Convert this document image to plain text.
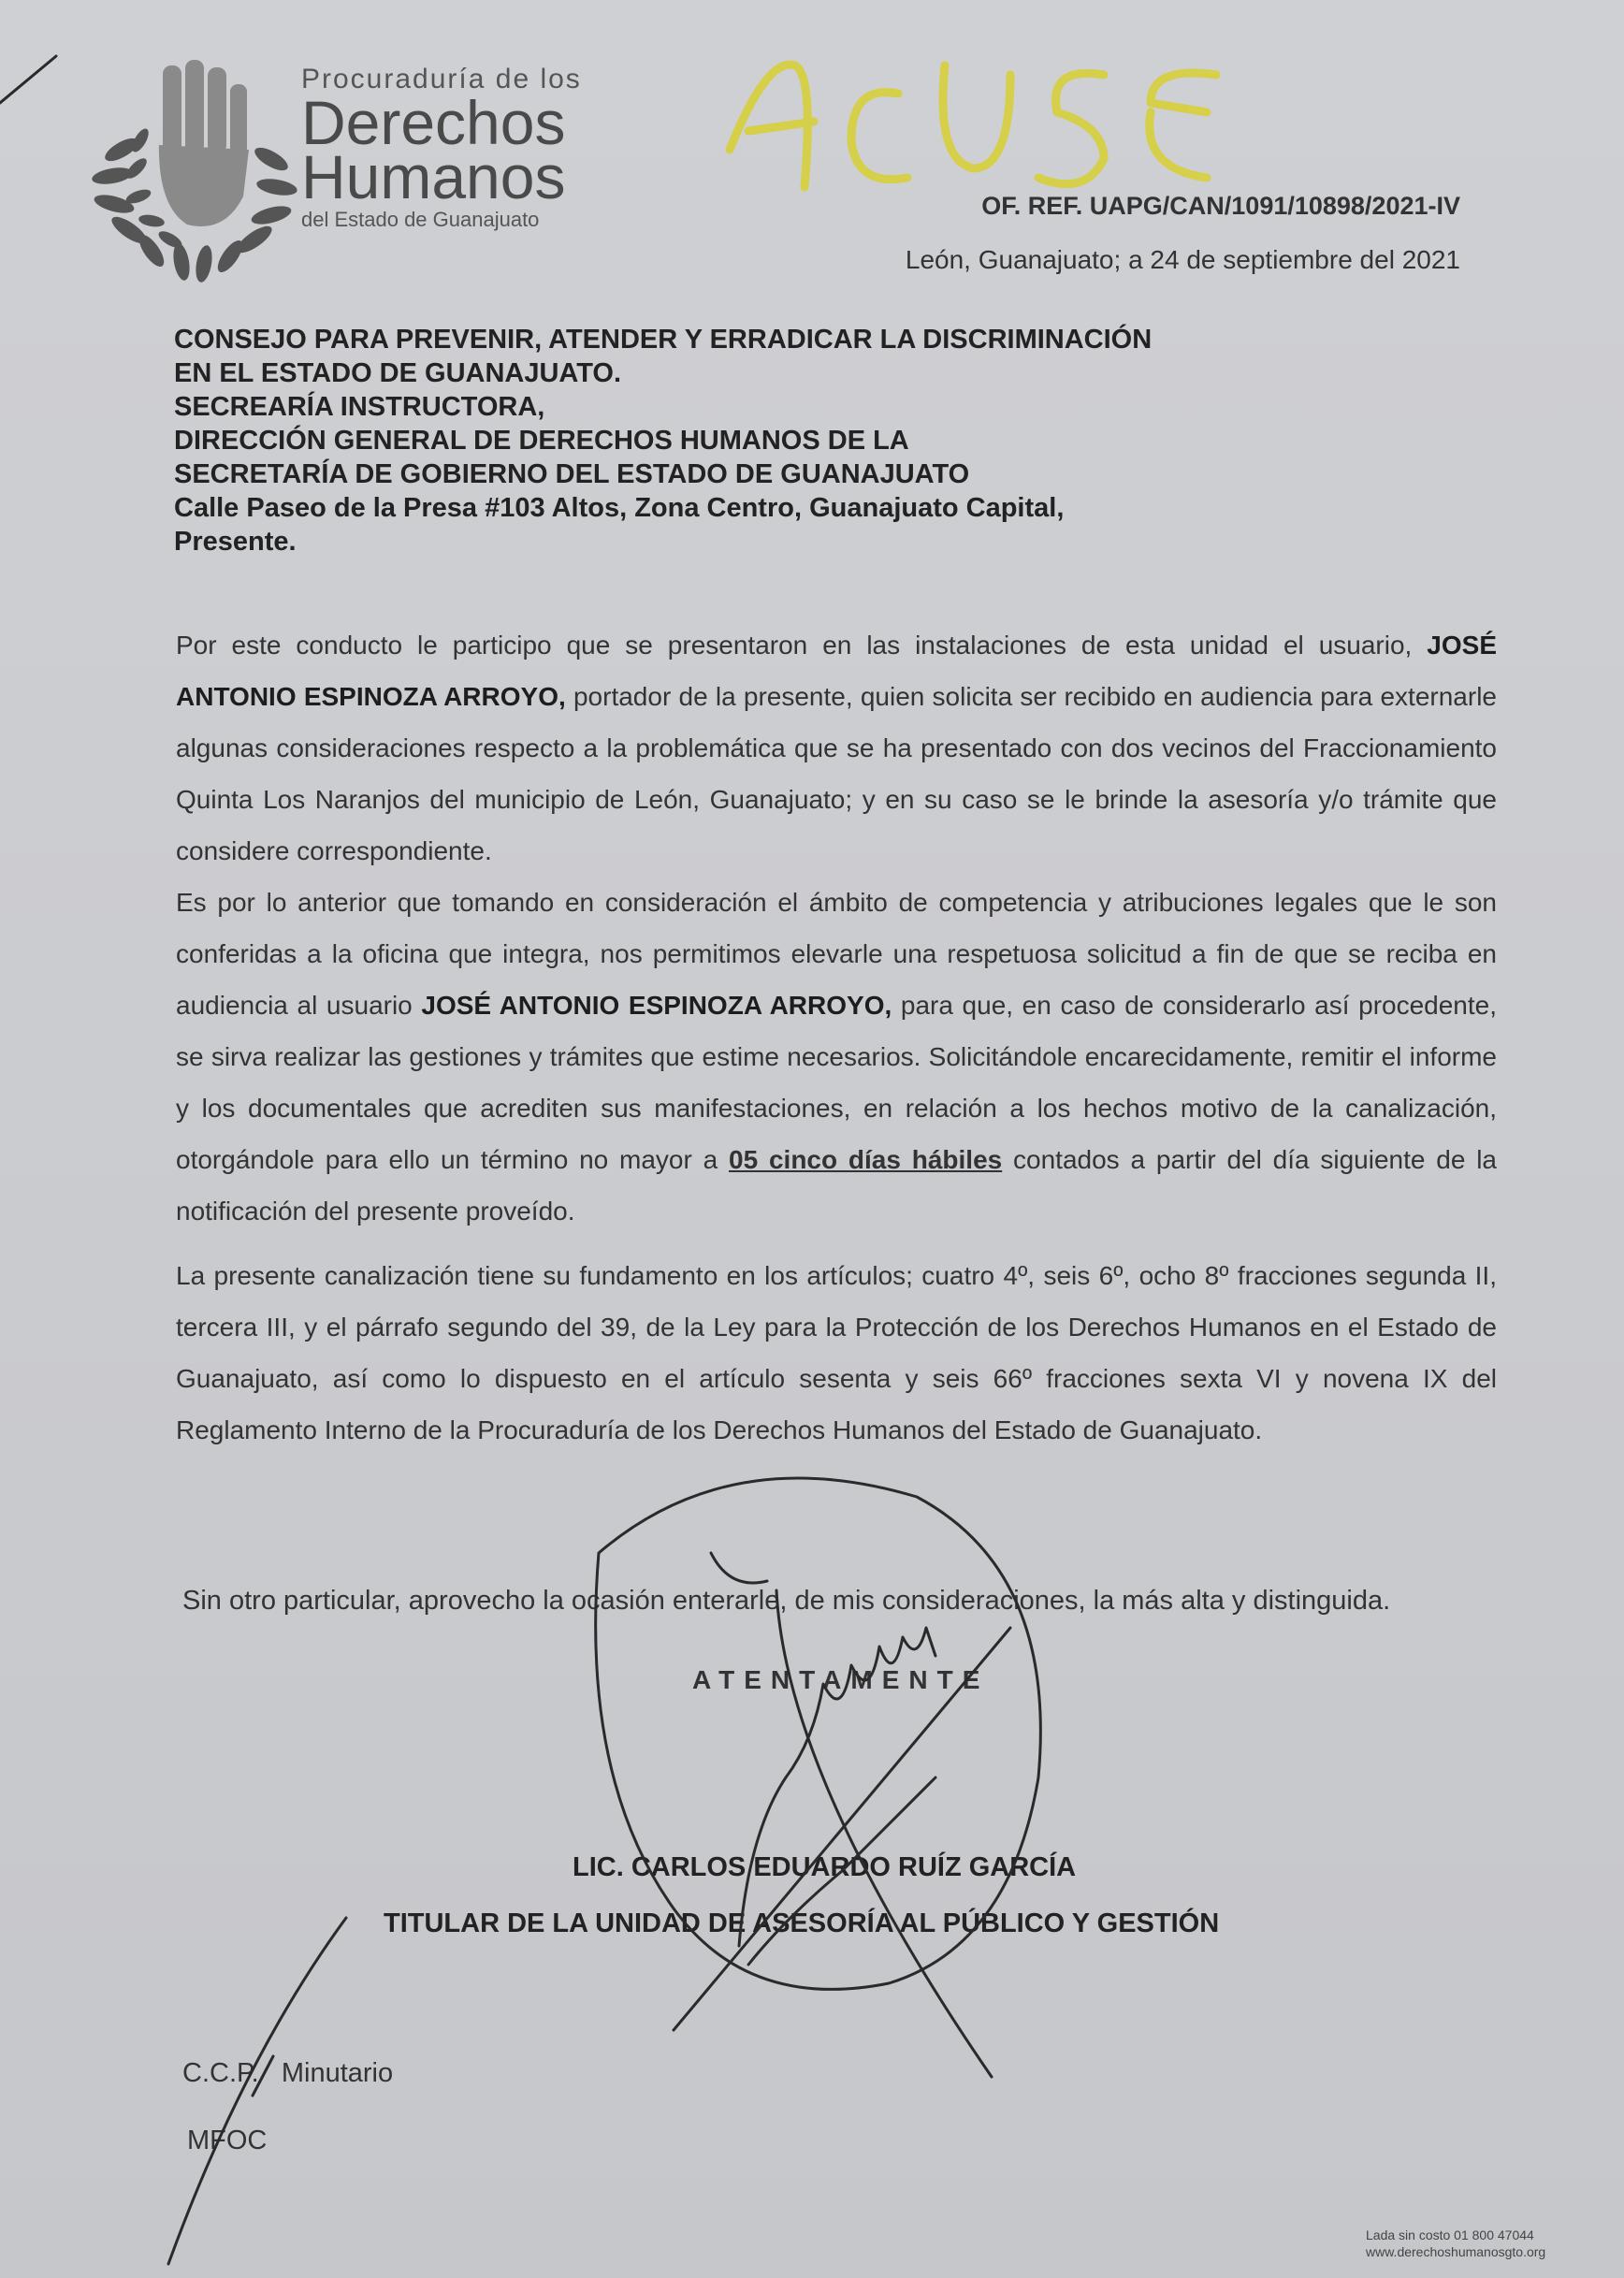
Procuraduría de los
Derechos
Humanos
del Estado de Guanajuato	OF. REF. UAPG/CAN/1091/10898/2021-IV
León, Guanajuato; a 24 de septiembre del 2021
CONSEJO PARA PREVENIR, ATENDER Y ERRADICAR LA DISCRIMINACIÓN
EN EL ESTADO DE GUANAJUATO.
SECREARÍA INSTRUCTORA,
DIRECCIÓN GENERAL DE DERECHOS HUMANOS DE LA
SECRETARÍA DE GOBIERNO DEL ESTADO DE GUANAJUATO
Calle Paseo de la Presa #103 Altos, Zona Centro, Guanajuato Capital,
Presente.

Por este conducto le participo que se presentaron en las instalaciones de esta unidad el usuario, JOSÉ ANTONIO ESPINOZA ARROYO, portador de la presente, quien solicita ser recibido en audiencia para externarle algunas consideraciones respecto a la problemática que se ha presentado con dos vecinos del Fraccionamiento Quinta Los Naranjos del municipio de León, Guanajuato; y en su caso se le brinde la asesoría y/o trámite que considere correspondiente.

Es por lo anterior que tomando en consideración el ámbito de competencia y atribuciones legales que le son conferidas a la oficina que integra, nos permitimos elevarle una respetuosa solicitud a fin de que se reciba en audiencia al usuario JOSÉ ANTONIO ESPINOZA ARROYO, para que, en caso de considerarlo así procedente, se sirva realizar las gestiones y trámites que estime necesarios. Solicitándole encarecidamente, remitir el informe y los documentales que acrediten sus manifestaciones, en relación a los hechos motivo de la canalización, otorgándole para ello un término no mayor a 05 cinco días hábiles contados a partir del día siguiente de la notificación del presente proveído.

La presente canalización tiene su fundamento en los artículos; cuatro 4º, seis 6º, ocho 8º fracciones segunda II, tercera III, y el párrafo segundo del 39, de la Ley para la Protección de los Derechos Humanos en el Estado de Guanajuato, así como lo dispuesto en el artículo sesenta y seis 66º fracciones sexta VI y novena IX del Reglamento Interno de la Procuraduría de los Derechos Humanos del Estado de Guanajuato.

Sin otro particular, aprovecho la ocasión enterarle, de mis consideraciones, la más alta y distinguida.
ATENTAMENTE
LIC. CARLOS EDUARDO RUÍZ GARCÍA
TITULAR DE LA UNIDAD DE ASESORÍA AL PÚBLICO Y GESTIÓN
C.C.P. Minutario
MFOC
Lada sin costo 01 800 47044
www.derechoshumanosgto.org
